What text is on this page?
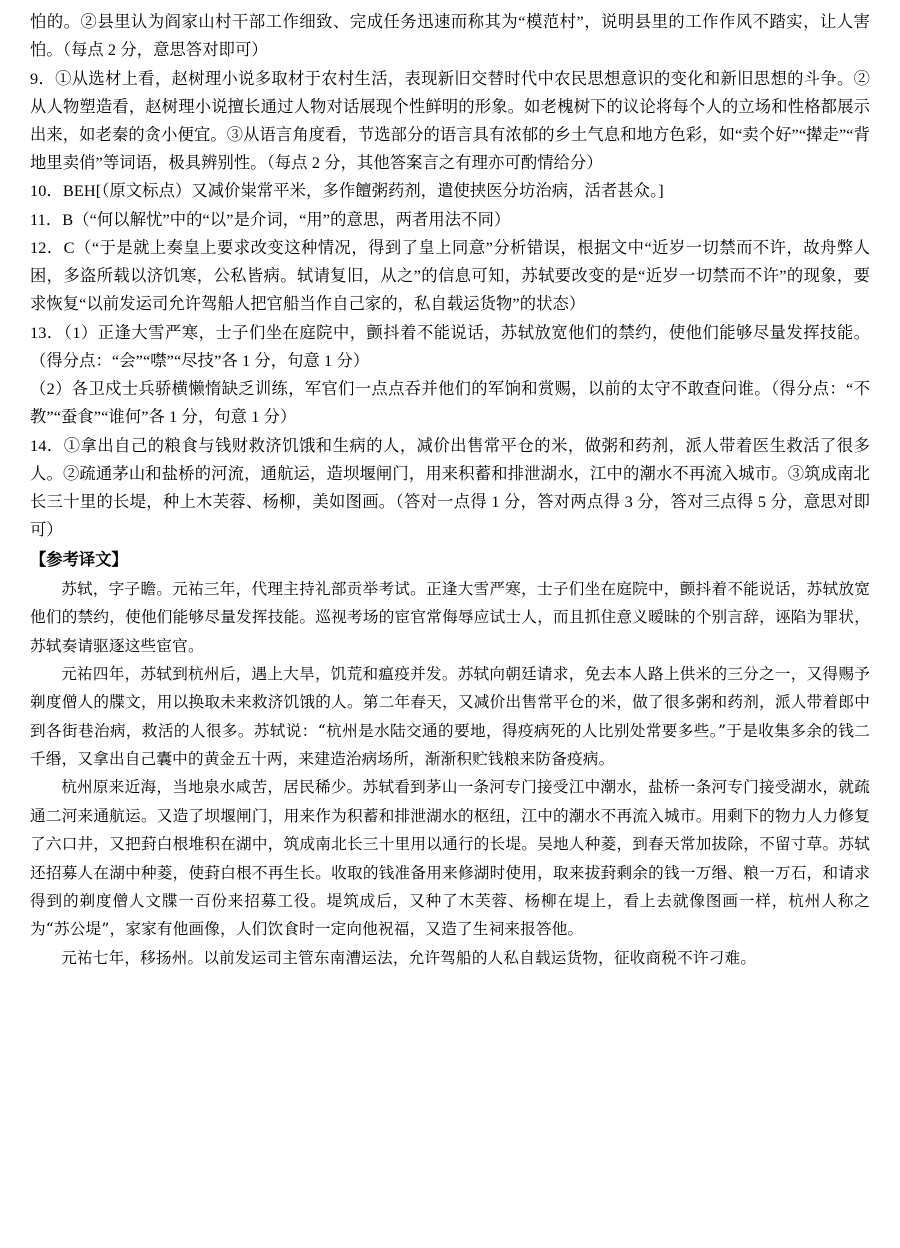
怕的。②县里认为阎家山村干部工作细致、完成任务迅速而称其为“模范村”，说明县里的工作作风不踏实，让人害怕。（每点 2 分，意思答对即可）

9．①从选材上看，赵树理小说多取材于农村生活，表现新旧交替时代中农民思想意识的变化和新旧思想的斗争。②从人物塑造看，赵树理小说擅长通过人物对话展现个性鲜明的形象。如老槐树下的议论将每个人的立场和性格都展示出来，如老秦的贪小便宜。③从语言角度看，节选部分的语言具有浓郁的乡土气息和地方色彩，如“卖个好”“撵走”“背地里卖俏”等词语，极具辨别性。（每点 2 分，其他答案言之有理亦可酌情给分）

10．BEH[（原文标点）又减价粜常平米，多作饘粥药剂，遣使挟医分坊治病，活者甚众。]

11．B（“何以解忧”中的“以”是介词，“用”的意思，两者用法不同）

12．C（“于是就上奏皇上要求改变这种情况，得到了皇上同意”分析错误，根据文中“近岁一切禁而不许，故舟弊人困，多盗所载以济饥寒，公私皆病。轼请复旧，从之”的信息可知，苏轼要改变的是“近岁一切禁而不许”的现象，要求恢复“以前发运司允许驾船人把官船当作自己家的，私自载运货物”的状态）

13．（1）正逢大雪严寒，士子们坐在庭院中，颤抖着不能说话，苏轼放宽他们的禁约，使他们能够尽量发挥技能。（得分点：“会”“噤”“尽技”各 1 分，句意 1 分）

（2）各卫戍士兵骄横懒惰缺乏训练，军官们一点点吞并他们的军饷和赏赐，以前的太守不敢查问谁。（得分点：“不教”“蚕食”“谁何”各 1 分，句意 1 分）

14．①拿出自己的粮食与钱财救济饥饿和生病的人，减价出售常平仓的米，做粥和药剂，派人带着医生救活了很多人。②疏通茅山和盐桥的河流，通航运，造坝堰闸门，用来积蓄和排泄湖水，江中的潮水不再流入城市。③筑成南北长三十里的长堤，种上木芙蓉、杨柳，美如图画。（答对一点得 1 分，答对两点得 3 分，答对三点得 5 分，意思对即可）

【参考译文】

苏轼，字子瞻。元祐三年，代理主持礼部贡举考试。正逢大雪严寒，士子们坐在庭院中，颤抖着不能说话，苏轼放宽他们的禁约，使他们能够尽量发挥技能。巡视考场的宦官常侮辱应试士人，而且抓住意义暧昧的个别言辞，诬陷为罪状，苏轼奏请驱逐这些宦官。

元祐四年，苏轼到杭州后，遇上大旱，饥荒和瘟疫并发。苏轼向朝廷请求，免去本人路上供米的三分之一，又得赐予剃度僧人的牒文，用以换取未来救济饥饿的人。第二年春天，又减价出售常平仓的米，做了很多粥和药剂，派人带着郎中到各街巷治病，救活的人很多。苏轼说：“杭州是水陆交通的要地，得疫病死的人比别处常要多些。”于是收集多余的钱二千缗，又拿出自己囊中的黄金五十两，来建造治病场所，渐渐积贮钱粮来防备疫病。

杭州原来近海，当地泉水咸苦，居民稀少。苏轼看到茅山一条河专门接受江中潮水，盐桥一条河专门接受湖水，就疏通二河来通航运。又造了坝堰闸门，用来作为积蓄和排泄湖水的枢纽，江中的潮水不再流入城市。用剩下的物力人力修复了六口井，又把葑白根堆积在湖中，筑成南北长三十里用以通行的长堤。吴地人种菱，到春天常加拔除，不留寸草。苏轼还招募人在湖中种菱，使葑白根不再生长。收取的钱准备用来修湖时使用，取来拔葑剩余的钱一万缗、粮一万石，和请求得到的剃度僧人文牒一百份来招募工役。堤筑成后，又种了木芙蓉、杨柳在堤上，看上去就像图画一样，杭州人称之为“苏公堤”，家家有他画像，人们饮食时一定向他祝福，又造了生祠来报答他。

元祐七年，移扬州。以前发运司主管东南漕运法，允许驾船的人私自载运货物，征收商税不许刁难。
